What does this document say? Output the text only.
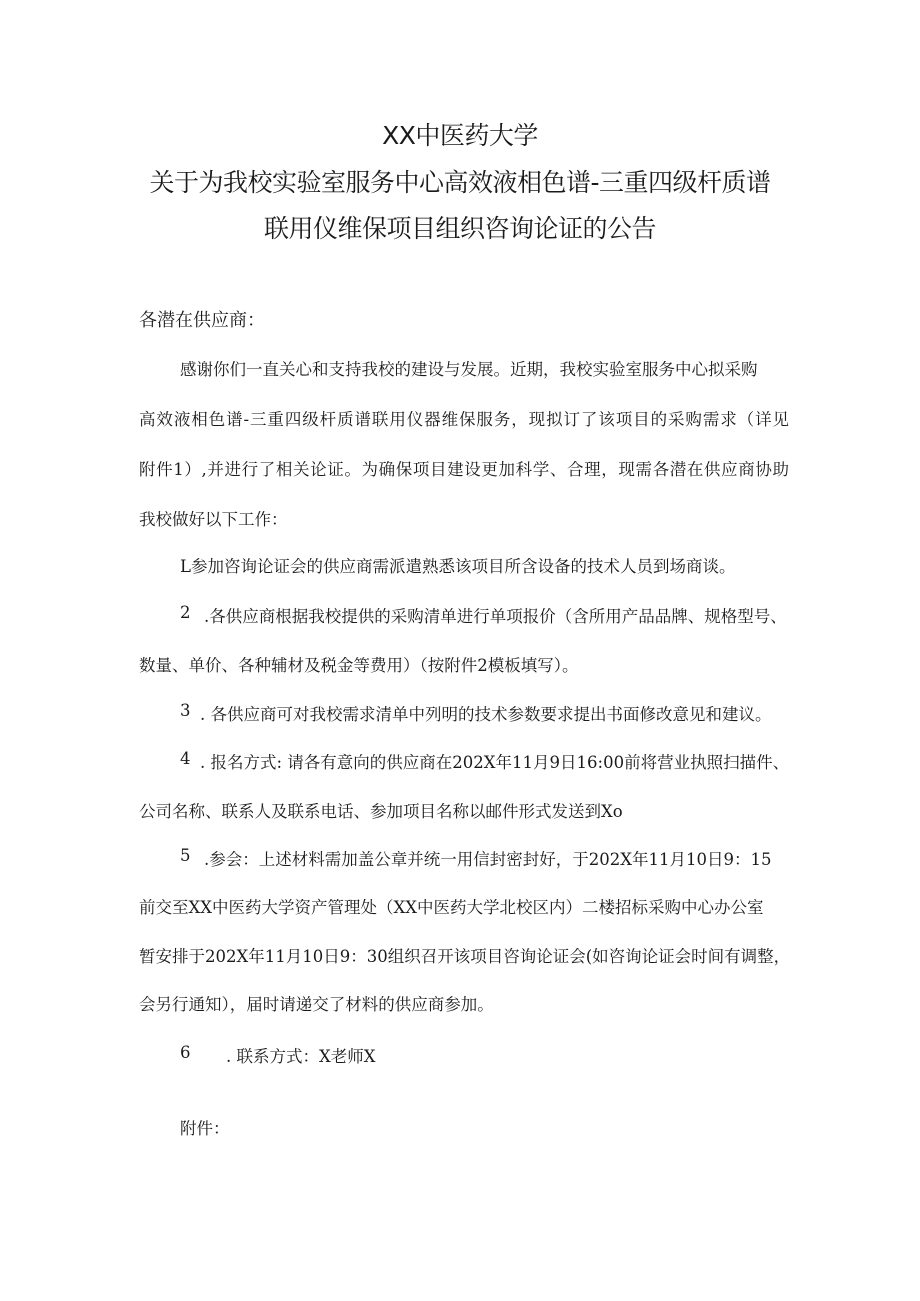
XX中医药大学
关于为我校实验室服务中心高效液相色谱-三重四级杆质谱
联用仪维保项目组织咨询论证的公告
各潜在供应商：
感谢你们一直关心和支持我校的建设与发展。近期，我校实验室服务中心拟采购
高效液相色谱-三重四级杆质谱联用仪器维保服务，现拟订了该项目的采购需求（详见
附件1）,并进行了相关论证。为确保项目建设更加科学、合理，现需各潜在供应商协助
我校做好以下工作：
L参加咨询论证会的供应商需派遣熟悉该项目所含设备的技术人员到场商谈。
2 .各供应商根据我校提供的采购清单进行单项报价（含所用产品品牌、规格型号、
数量、单价、各种辅材及税金等费用）（按附件2模板填写）。
3 . 各供应商可对我校需求清单中列明的技术参数要求提出书面修改意见和建议。
4 . 报名方式: 请各有意向的供应商在202X年11月9日16:00前将营业执照扫描件、
公司名称、联系人及联系电话、参加项目名称以邮件形式发送到Xo
5 .参会：上述材料需加盖公章并统一用信封密封好，于202X年11月10日9：15
前交至XX中医药大学资产管理处（XX中医药大学北校区内）二楼招标采购中心办公室
暂安排于202X年11月10日9：30组织召开该项目咨询论证会(如咨询论证会时间有调整，
会另行通知），届时请递交了材料的供应商参加。
6 . 联系方式：X老师X
附件：
